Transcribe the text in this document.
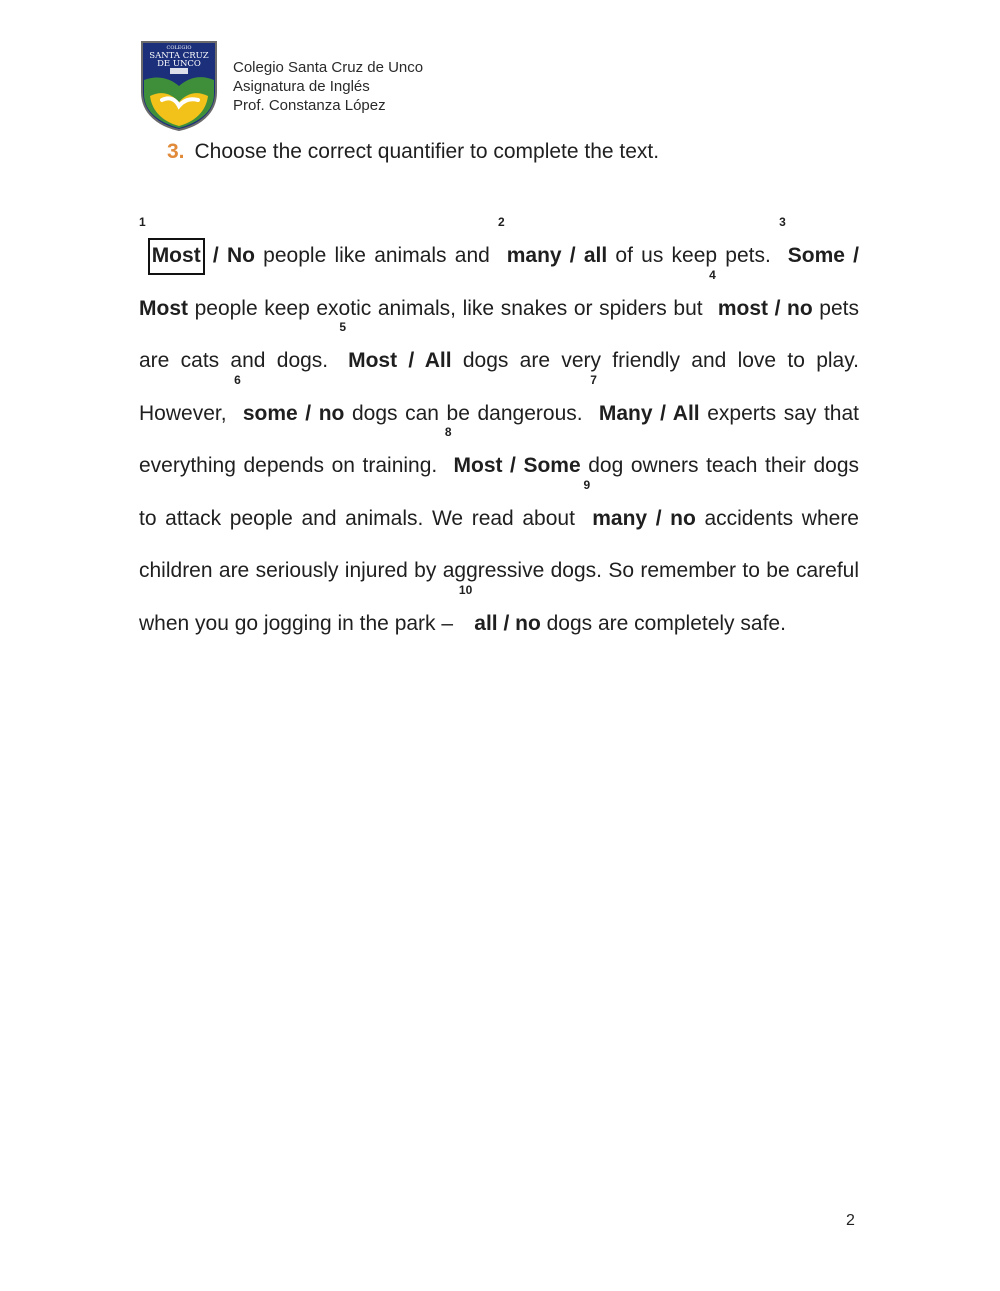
COLEGIO
SANTA CRUZ
DE UNCO Colegio Santa Cruz de Unco
Asignatura de Inglés
Prof. Constanza López
3. Choose the correct quantifier to complete the text.
$^1$Most / No people like animals and $^2$many / all of us keep pets. $^3$Some / Most people keep exotic animals, like snakes or spiders but $^4$most / no pets are cats and dogs. $^5$Most / All dogs are very friendly and love to play. However, $^6$some / no dogs can be dangerous. $^7$Many / All experts say that everything depends on training. $^8$Most / Some dog owners teach their dogs to attack people and animals. We read about $^9$many / no accidents where children are seriously injured by aggressive dogs. So remember to be careful when you go jogging in the park – $^{10}$all / no dogs are completely safe.
2
